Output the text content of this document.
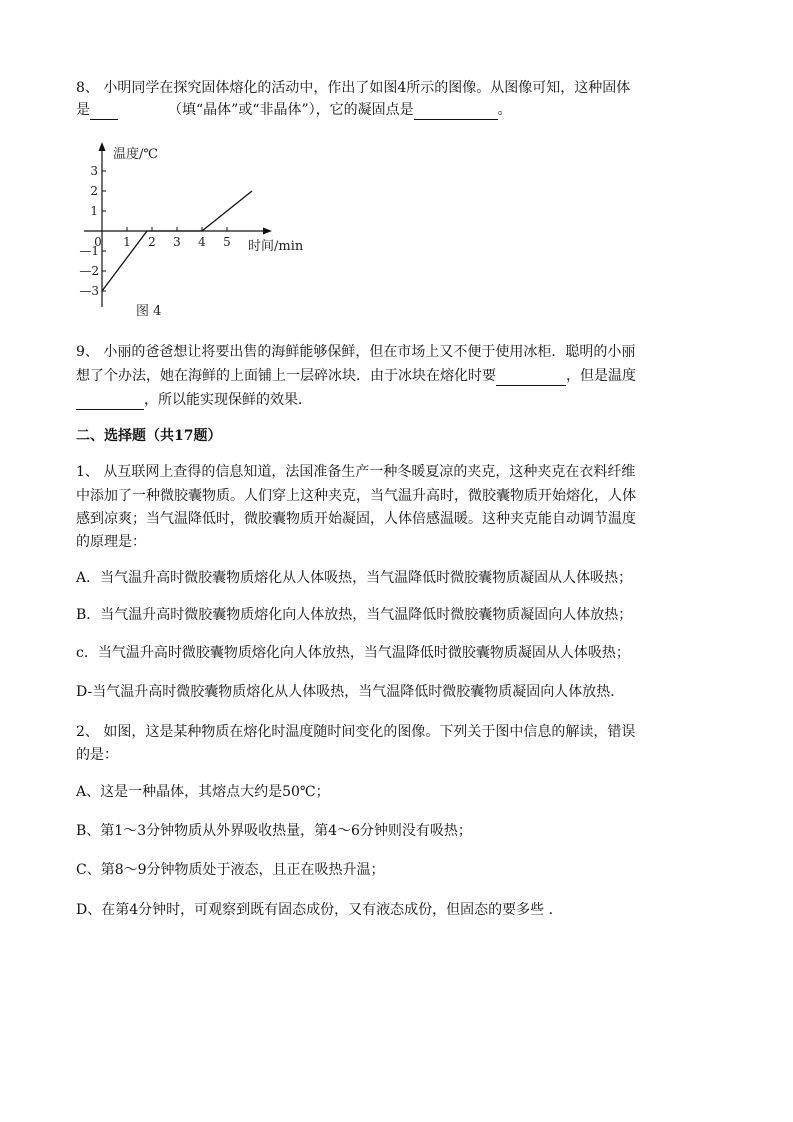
8、 小明同学在探究固体熔化的活动中，作出了如图4所示的图像。从图像可知，这种固体
是	（填“晶体”或“非晶体”），它的凝固点是	。
温度/℃
时间/min
图 4
0 1 2 3 4 5
3
2
1
—1
—2
—3
9、 小丽的爸爸想让将要出售的海鲜能够保鲜，但在市场上又不便于使用冰柜．聪明的小丽
想了个办法，她在海鲜的上面铺上一层碎冰块．由于冰块在熔化时要	，但是温度
，所以能实现保鲜的效果．
二、选择题（共17题）
1、 从互联网上查得的信息知道，法国准备生产一种冬暖夏凉的夹克，这种夹克在衣料纤维
中添加了一种微胶囊物质。人们穿上这种夹克，当气温升高时，微胶囊物质开始熔化，人体
感到凉爽；当气温降低时，微胶囊物质开始凝固，人体倍感温暖。这种夹克能自动调节温度
的原理是：
A．当气温升高时微胶囊物质熔化从人体吸热，当气温降低时微胶囊物质凝固从人体吸热；
B．当气温升高时微胶囊物质熔化向人体放热，当气温降低时微胶囊物质凝固向人体放热；
c．当气温升高时微胶囊物质熔化向人体放热，当气温降低时微胶囊物质凝固从人体吸热；
D-当气温升高时微胶囊物质熔化从人体吸热，当气温降低时微胶囊物质凝固向人体放热．
2、 如图，这是某种物质在熔化时温度随时间变化的图像。下列关于图中信息的解读，错误
的是：
A、这是一种晶体，其熔点大约是50℃；
B、第1～3分钟物质从外界吸收热量，第4～6分钟则没有吸热；
C、第8～9分钟物质处于液态，且正在吸热升温；
D、在第4分钟时，可观察到既有固态成份，又有液态成份，但固态的要多些 ．
